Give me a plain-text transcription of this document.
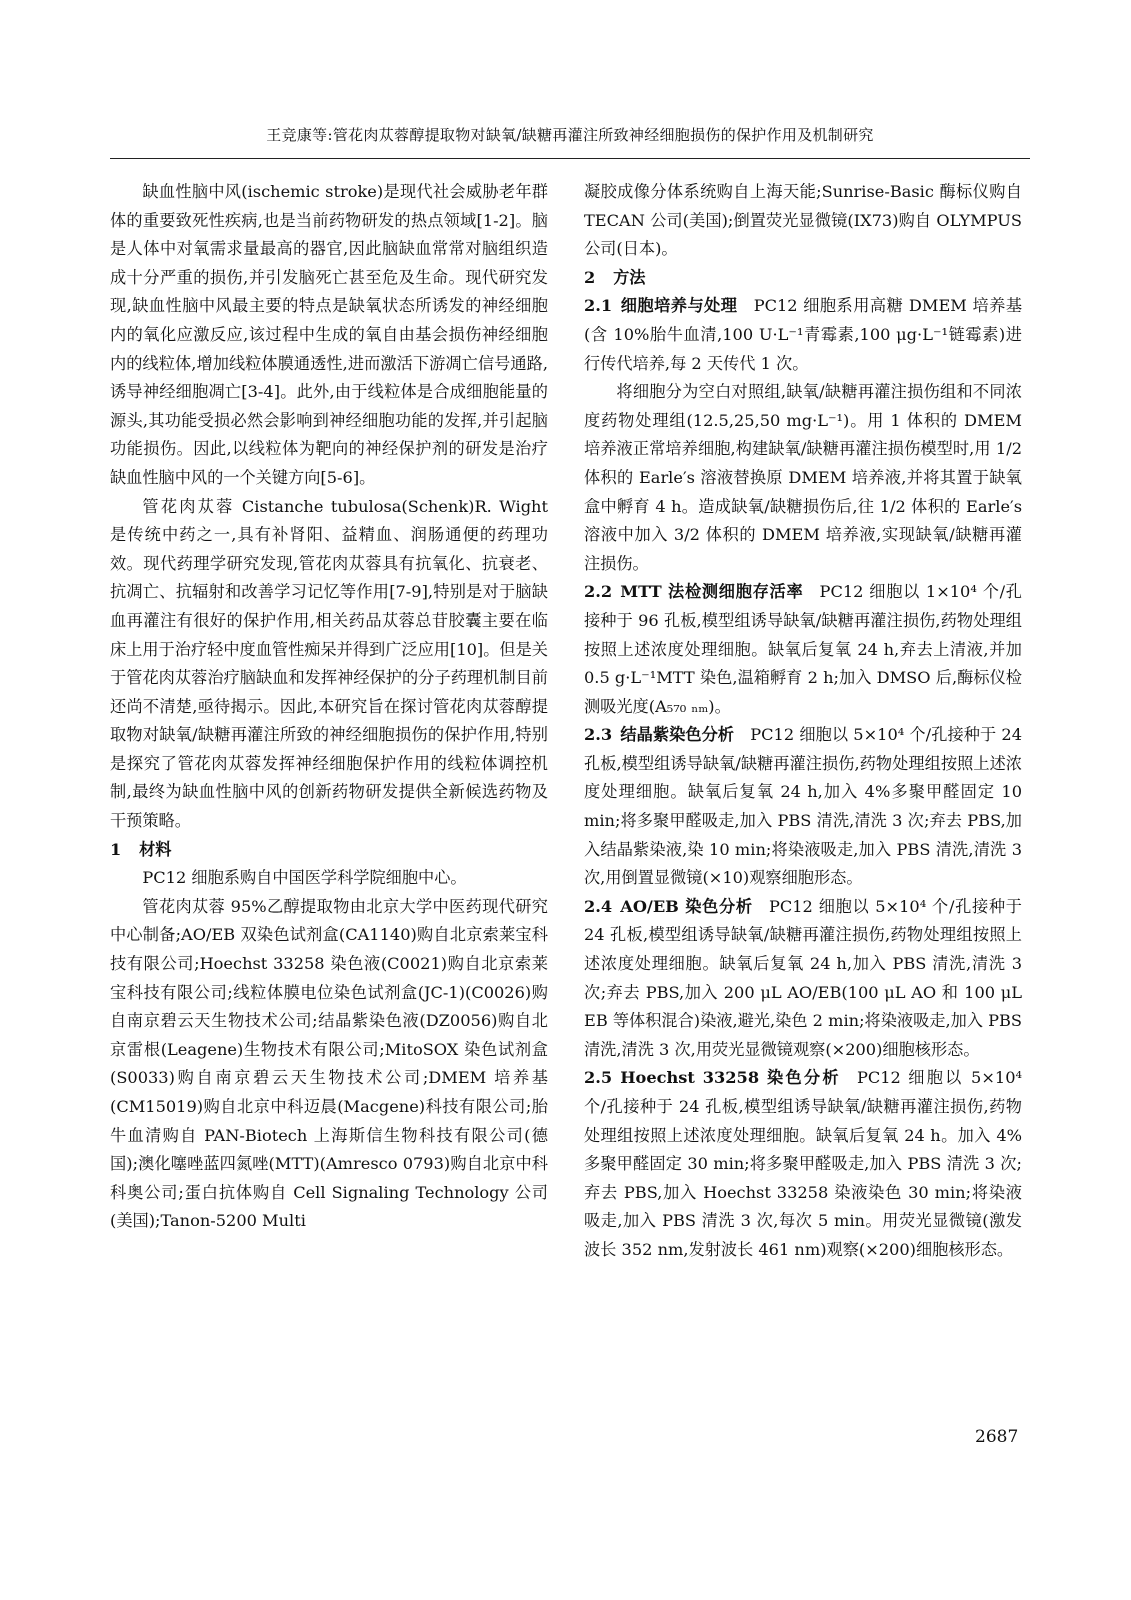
王竞康等:管花肉苁蓉醇提取物对缺氧/缺糖再灌注所致神经细胞损伤的保护作用及机制研究

缺血性脑中风(ischemic stroke)是现代社会威胁老年群体的重要致死性疾病,也是当前药物研发的热点领域[1-2]。脑是人体中对氧需求量最高的器官,因此脑缺血常常对脑组织造成十分严重的损伤,并引发脑死亡甚至危及生命。现代研究发现,缺血性脑中风最主要的特点是缺氧状态所诱发的神经细胞内的氧化应激反应,该过程中生成的氧自由基会损伤神经细胞内的线粒体,增加线粒体膜通透性,进而激活下游凋亡信号通路,诱导神经细胞凋亡[3-4]。此外,由于线粒体是合成细胞能量的源头,其功能受损必然会影响到神经细胞功能的发挥,并引起脑功能损伤。因此,以线粒体为靶向的神经保护剂的研发是治疗缺血性脑中风的一个关键方向[5-6]。

管花肉苁蓉 Cistanche tubulosa(Schenk)R. Wight 是传统中药之一,具有补肾阳、益精血、润肠通便的药理功效。现代药理学研究发现,管花肉苁蓉具有抗氧化、抗衰老、抗凋亡、抗辐射和改善学习记忆等作用[7-9],特别是对于脑缺血再灌注有很好的保护作用,相关药品苁蓉总苷胶囊主要在临床上用于治疗轻中度血管性痴呆并得到广泛应用[10]。但是关于管花肉苁蓉治疗脑缺血和发挥神经保护的分子药理机制目前还尚不清楚,亟待揭示。因此,本研究旨在探讨管花肉苁蓉醇提取物对缺氧/缺糖再灌注所致的神经细胞损伤的保护作用,特别是探究了管花肉苁蓉发挥神经细胞保护作用的线粒体调控机制,最终为缺血性脑中风的创新药物研发提供全新候选药物及干预策略。

1 材料

PC12 细胞系购自中国医学科学院细胞中心。

管花肉苁蓉 95%乙醇提取物由北京大学中医药现代研究中心制备;AO/EB 双染色试剂盒(CA1140)购自北京索莱宝科技有限公司;Hoechst 33258 染色液(C0021)购自北京索莱宝科技有限公司;线粒体膜电位染色试剂盒(JC-1)(C0026)购自南京碧云天生物技术公司;结晶紫染色液(DZ0056)购自北京雷根(Leagene)生物技术有限公司;MitoSOX 染色试剂盒(S0033)购自南京碧云天生物技术公司;DMEM 培养基(CM15019)购自北京中科迈晨(Macgene)科技有限公司;胎牛血清购自 PAN-Biotech 上海斯信生物科技有限公司(德国);澳化噻唑蓝四氮唑(MTT)(Amresco 0793)购自北京中科科奥公司;蛋白抗体购自 Cell Signaling Technology 公司(美国);Tanon-5200 Multi

凝胶成像分体系统购自上海天能;Sunrise-Basic 酶标仪购自 TECAN 公司(美国);倒置荧光显微镜(IX73)购自 OLYMPUS 公司(日本)。

2 方法

2.1 细胞培养与处理 PC12 细胞系用高糖 DMEM 培养基(含 10%胎牛血清,100 U·L⁻¹青霉素,100 μg·L⁻¹链霉素)进行传代培养,每 2 天传代 1 次。

将细胞分为空白对照组,缺氧/缺糖再灌注损伤组和不同浓度药物处理组(12.5,25,50 mg·L⁻¹)。用 1 体积的 DMEM 培养液正常培养细胞,构建缺氧/缺糖再灌注损伤模型时,用 1/2 体积的 Earle′s 溶液替换原 DMEM 培养液,并将其置于缺氧盒中孵育 4 h。造成缺氧/缺糖损伤后,往 1/2 体积的 Earle′s 溶液中加入 3/2 体积的 DMEM 培养液,实现缺氧/缺糖再灌注损伤。

2.2 MTT 法检测细胞存活率 PC12 细胞以 1×10⁴ 个/孔接种于 96 孔板,模型组诱导缺氧/缺糖再灌注损伤,药物处理组按照上述浓度处理细胞。缺氧后复氧 24 h,弃去上清液,并加 0.5 g·L⁻¹MTT 染色,温箱孵育 2 h;加入 DMSO 后,酶标仪检测吸光度(A₅₇₀ ₙₘ)。

2.3 结晶紫染色分析 PC12 细胞以 5×10⁴ 个/孔接种于 24 孔板,模型组诱导缺氧/缺糖再灌注损伤,药物处理组按照上述浓度处理细胞。缺氧后复氧 24 h,加入 4%多聚甲醛固定 10 min;将多聚甲醛吸走,加入 PBS 清洗,清洗 3 次;弃去 PBS,加入结晶紫染液,染 10 min;将染液吸走,加入 PBS 清洗,清洗 3 次,用倒置显微镜(×10)观察细胞形态。

2.4 AO/EB 染色分析 PC12 细胞以 5×10⁴ 个/孔接种于 24 孔板,模型组诱导缺氧/缺糖再灌注损伤,药物处理组按照上述浓度处理细胞。缺氧后复氧 24 h,加入 PBS 清洗,清洗 3 次;弃去 PBS,加入 200 μL AO/EB(100 μL AO 和 100 μL EB 等体积混合)染液,避光,染色 2 min;将染液吸走,加入 PBS 清洗,清洗 3 次,用荧光显微镜观察(×200)细胞核形态。

2.5 Hoechst 33258 染色分析 PC12 细胞以 5×10⁴ 个/孔接种于 24 孔板,模型组诱导缺氧/缺糖再灌注损伤,药物处理组按照上述浓度处理细胞。缺氧后复氧 24 h。加入 4%多聚甲醛固定 30 min;将多聚甲醛吸走,加入 PBS 清洗 3 次;弃去 PBS,加入 Hoechst 33258 染液染色 30 min;将染液吸走,加入 PBS 清洗 3 次,每次 5 min。用荧光显微镜(激发波长 352 nm,发射波长 461 nm)观察(×200)细胞核形态。

2687
